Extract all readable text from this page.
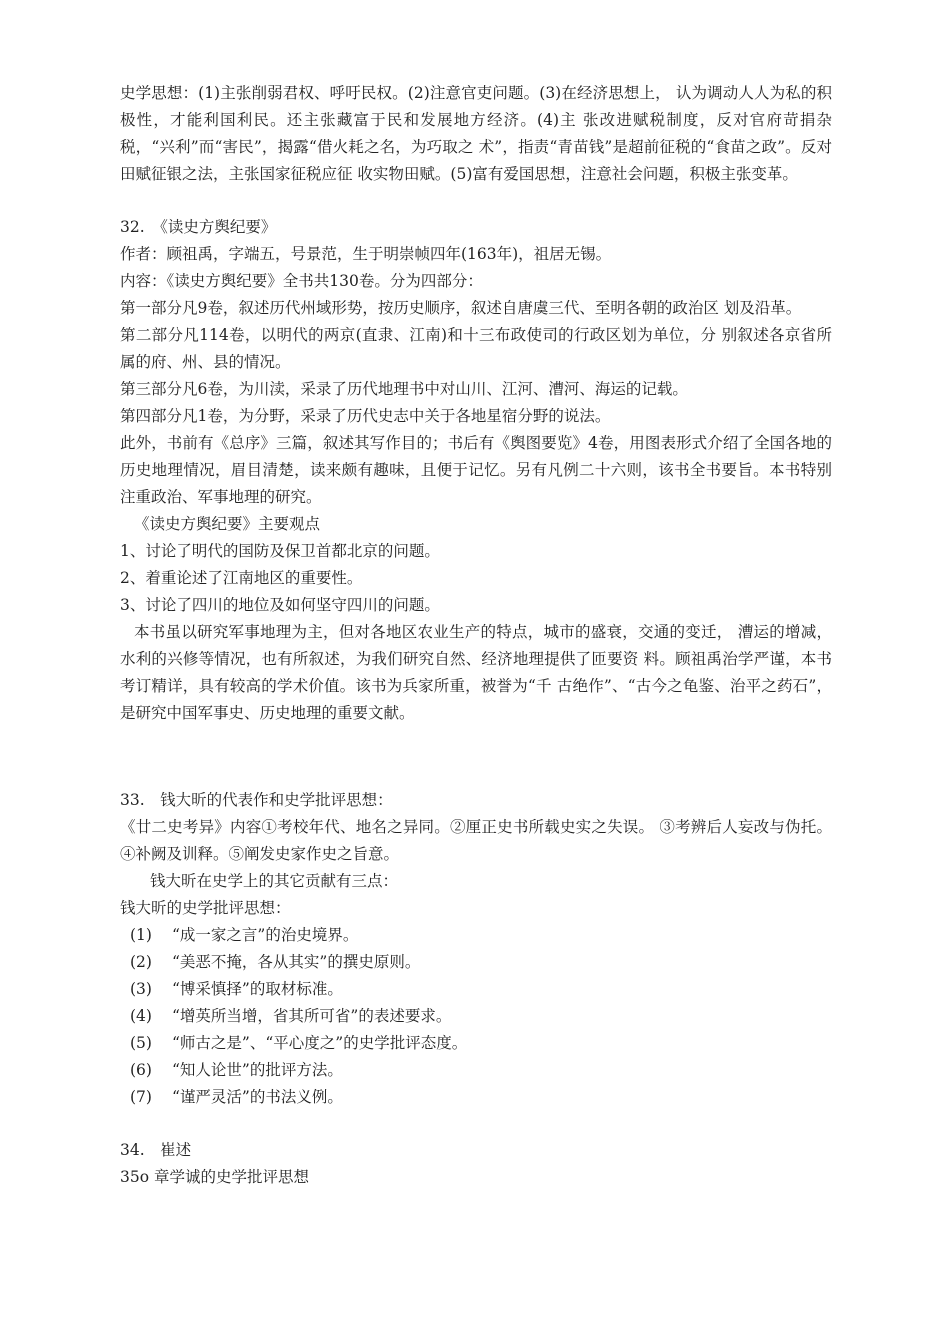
史学思想：(1)主张削弱君权、呼吁民权。(2)注意官吏问题。(3)在经济思想上， 认为调动人人为私的积极性，才能利国利民。还主张藏富于民和发展地方经济。(4)主 张改进赋税制度，反对官府苛捐杂税，“兴利”而“害民”，揭露“借火耗之名，为巧取之 术”，指责“青苗钱”是超前征税的“食苗之政”。反对田赋征银之法，主张国家征税应征 收实物田赋。(5)富有爱国思想，注意社会问题，积极主张变革。

32.　《读史方舆纪要》

作者：顾祖禹，字端五，号景范，生于明崇帧四年(163年)，祖居无锡。

内容：《读史方舆纪要》全书共130卷。分为四部分：

第一部分凡9卷，叙述历代州域形势，按历史顺序，叙述自唐虞三代、至明各朝的政治区 划及沿革。

第二部分凡114卷，以明代的两京(直隶、江南)和十三布政使司的行政区划为单位，分 别叙述各京省所属的府、州、县的情况。

第三部分凡6卷，为川渎，采录了历代地理书中对山川、江河、漕河、海运的记载。

第四部分凡1卷，为分野，采录了历代史志中关于各地星宿分野的说法。

此外，书前有《总序》三篇，叙述其写作目的；书后有《舆图要览》4卷，用图表形式介绍了全国各地的历史地理情况，眉目清楚，读来颇有趣味，且便于记忆。另有凡例二十六则，该书全书要旨。本书特别注重政治、军事地理的研究。

《读史方舆纪要》主要观点

1、讨论了明代的国防及保卫首都北京的问题。

2、着重论述了江南地区的重要性。

3、讨论了四川的地位及如何坚守四川的问题。

本书虽以研究军事地理为主，但对各地区农业生产的特点，城市的盛衰，交通的变迁， 漕运的增减，水利的兴修等情况，也有所叙述，为我们研究自然、经济地理提供了匝要资 料。顾祖禹治学严谨，本书考订精详，具有较高的学术价值。该书为兵家所重，被誉为“千 古绝作”、“古今之龟鉴、治平之药石”，是研究中国军事史、历史地理的重要文献。

33.　钱大昕的代表作和史学批评思想：

《廿二史考异》内容①考校年代、地名之异同。②厘正史书所载史实之失误。 ③考辨后人妄改与伪托。④补阙及训释。⑤阐发史家作史之旨意。

钱大昕在史学上的其它贡献有三点：

钱大昕的史学批评思想：

(1) “成一家之言”的治史境界。

(2) “美恶不掩，各从其实”的撰史原则。

(3) “博采慎择”的取材标准。

(4) “增英所当增，省其所可省”的表述要求。

(5) “师古之是”、“平心度之”的史学批评态度。

(6) “知人论世”的批评方法。

(7) “谨严灵活”的书法义例。

34.　崔述

35o 章学诚的史学批评思想
